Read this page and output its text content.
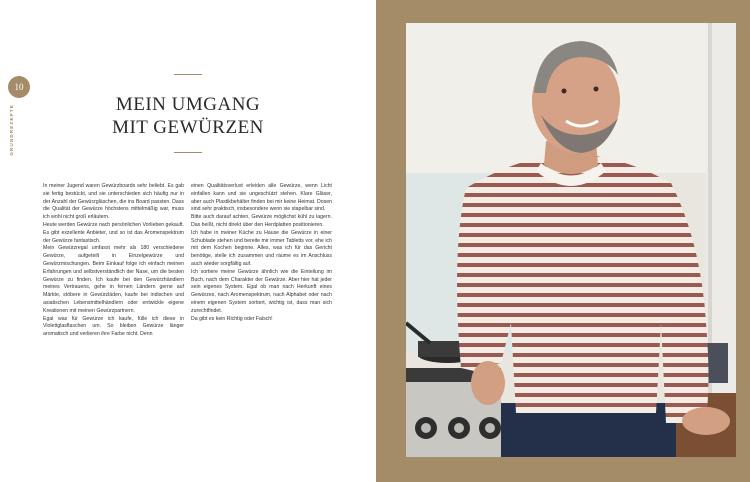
10
GRUNDREZEPTE	MEIN UMGANG
MIT GEWÜRZEN

In meiner Jugend waren Gewürzboards sehr beliebt. Es gab sie fertig bestückt, und sie unterschieden sich häufig nur in der Anzahl der Gewürzgläschen, die ins Board passten. Dass die Qualität der Gewürze höchstens mittelmäßig war, muss ich wohl nicht groß erläutern.

Heute werden Gewürze nach persönlichen Vorlieben gekauft. Es gibt exzellente Anbieter, und so ist das Aromenspektrum der Gewürze fantastisch.

Mein Gewürzregal umfasst mehr als 180 verschiedene Gewürze, aufgeteilt in Einzelgewürze und Gewürzmischungen. Beim Einkauf folge ich einfach meinen Erfahrungen und selbstverständlich der Nase, um die besten Gewürze zu finden. Ich kaufe bei den Gewürzhändlern meines Vertrauens, gehe in fernen Ländern gerne auf Märkte, stöbere in Gewürzläden, kaufe bei indischen und asiatischen Lebensmittelhändlern oder entwickle eigene Kreationen mit meinen Gewürzpartnern.

Egal was für Gewürze ich kaufe, fülle ich diese in Violettglasflaschen um. So bleiben Gewürze länger aromatisch und verlieren ihre Farbe nicht. Denn

einen Qualitätsverlust erleiden alle Gewürze, wenn Licht einfallen kann und sie ungeschützt stehen. Klare Gläser, aber auch Plastikbehälter finden bei mir keine Heimat. Dosen sind sehr praktisch, insbesondere wenn sie stapelbar sind.

Bitte auch darauf achten, Gewürze möglichst kühl zu lagern. Das heißt, nicht direkt über den Herdplatten positionieren.

Ich habe in meiner Küche zu Hause die Gewürze in einer Schublade stehen und bereite mir immer Tabletts vor, ehe ich mit dem Kochen beginne. Alles, was ich für das Gericht benötige, stelle ich zusammen und räume es im Anschluss auch wieder sorgfältig auf.

Ich sortiere meine Gewürze ähnlich wie die Einteilung im Buch, nach dem Charakter der Gewürze. Aber hier hat jeder sein eigenes System. Egal ob man nach Herkunft eines Gewürzes, nach Aromenspektrum, nach Alphabet oder nach einem eigenen System sortiert, wichtig ist, dass man sich zurechtfindet.

Da gibt es kein Richtig oder Falsch!
